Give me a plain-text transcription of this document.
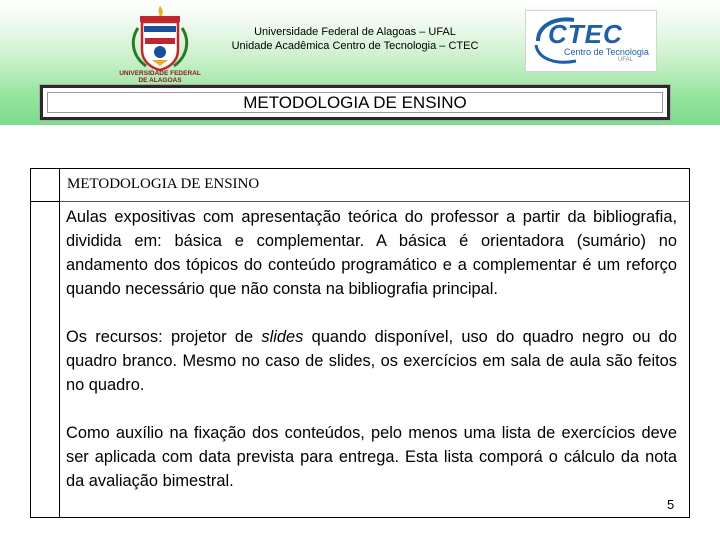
UNIVERSIDADE FEDERAL
DE ALAGOAS
Universidade Federal de Alagoas – UFAL
Unidade Acadêmica Centro de Tecnologia – CTEC	CTEC
Centro de Tecnologia
UFAL
METODOLOGIA DE ENSINO
METODOLOGIA DE ENSINO

Aulas expositivas com apresentação teórica do professor a partir da bibliografia, dividida em: básica e complementar. A básica é orientadora (sumário) no andamento dos tópicos do conteúdo programático e a complementar é um reforço quando necessário que não consta na bibliografia principal.

Os recursos: projetor de slides quando disponível, uso do quadro negro ou do quadro branco. Mesmo no caso de slides, os exercícios em sala de aula são feitos no quadro.

Como auxílio na fixação dos conteúdos, pelo menos uma lista de exercícios deve ser aplicada com data prevista para entrega. Esta lista comporá o cálculo da nota da avaliação bimestral.

5
